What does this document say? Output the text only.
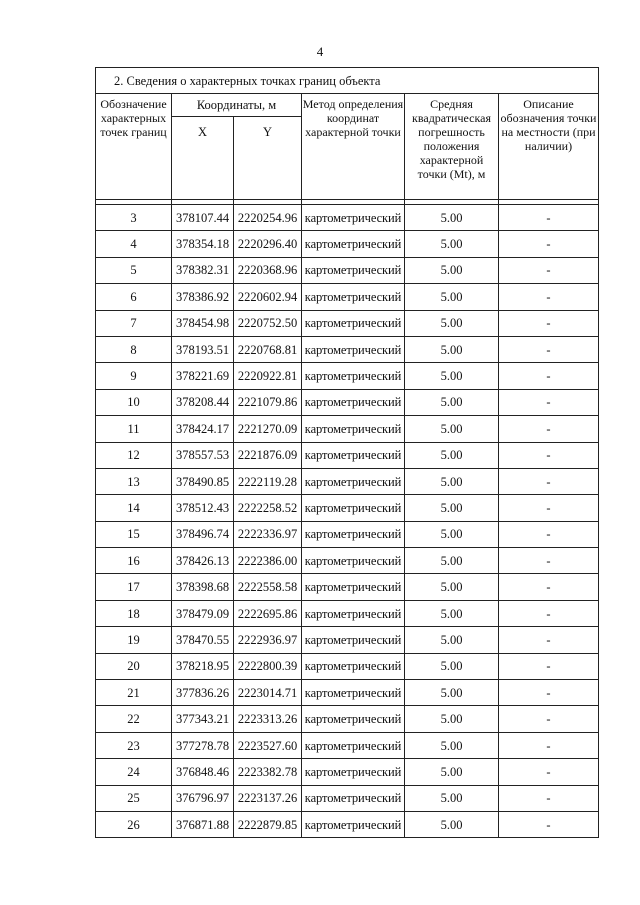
4
2. Сведения о характерных точках границ объекта					
Обозначение характерных точек границ	Координаты, м		Метод определения координат характерной точки	Средняя квадратическая погрешность положения характерной точки (Mt), м	Описание обозначения точки на местности (при наличии)
	X	Y			

3	378107.44	2220254.96	картометрический	5.00	-
4	378354.18	2220296.40	картометрический	5.00	-
5	378382.31	2220368.96	картометрический	5.00	-
6	378386.92	2220602.94	картометрический	5.00	-
7	378454.98	2220752.50	картометрический	5.00	-
8	378193.51	2220768.81	картометрический	5.00	-
9	378221.69	2220922.81	картометрический	5.00	-
10	378208.44	2221079.86	картометрический	5.00	-
11	378424.17	2221270.09	картометрический	5.00	-
12	378557.53	2221876.09	картометрический	5.00	-
13	378490.85	2222119.28	картометрический	5.00	-
14	378512.43	2222258.52	картометрический	5.00	-
15	378496.74	2222336.97	картометрический	5.00	-
16	378426.13	2222386.00	картометрический	5.00	-
17	378398.68	2222558.58	картометрический	5.00	-
18	378479.09	2222695.86	картометрический	5.00	-
19	378470.55	2222936.97	картометрический	5.00	-
20	378218.95	2222800.39	картометрический	5.00	-
21	377836.26	2223014.71	картометрический	5.00	-
22	377343.21	2223313.26	картометрический	5.00	-
23	377278.78	2223527.60	картометрический	5.00	-
24	376848.46	2223382.78	картометрический	5.00	-
25	376796.97	2223137.26	картометрический	5.00	-
26	376871.88	2222879.85	картометрический	5.00	-
